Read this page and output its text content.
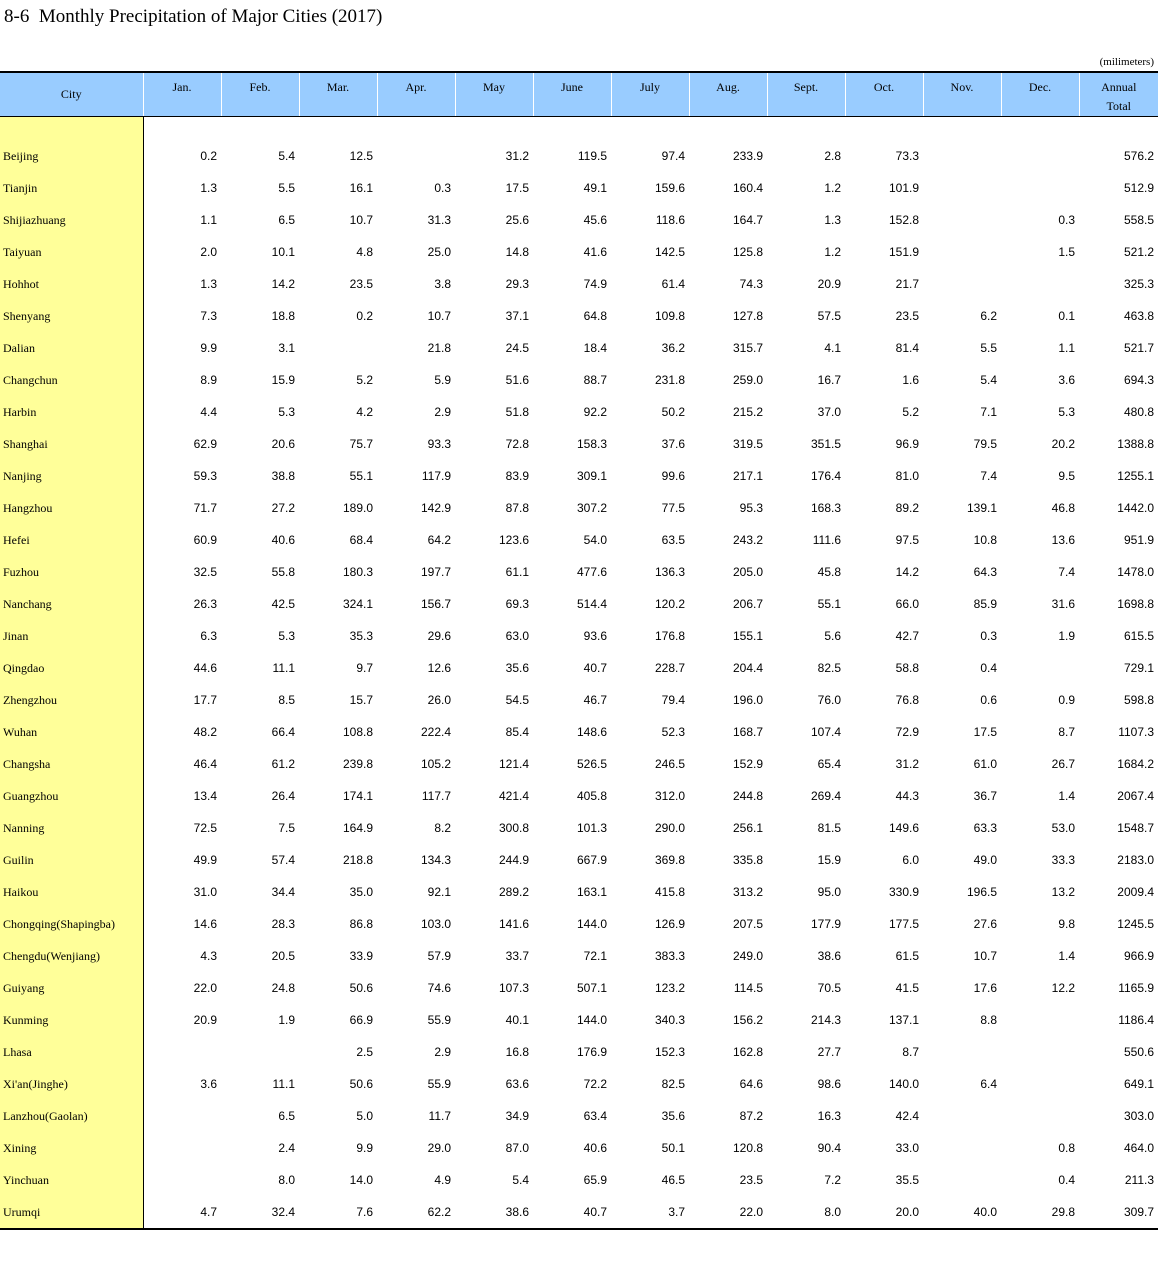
8-6  Monthly Precipitation of Major Cities (2017)
(milimeters)
City	Jan.	Feb.	Mar.	Apr.	May	June	July	Aug.	Sept.	Oct.	Nov.	Dec.	Annual
Total

Beijing	0.2	5.4	12.5		31.2	119.5	97.4	233.9	2.8	73.3			576.2
Tianjin	1.3	5.5	16.1	0.3	17.5	49.1	159.6	160.4	1.2	101.9			512.9
Shijiazhuang	1.1	6.5	10.7	31.3	25.6	45.6	118.6	164.7	1.3	152.8		0.3	558.5
Taiyuan	2.0	10.1	4.8	25.0	14.8	41.6	142.5	125.8	1.2	151.9		1.5	521.2
Hohhot	1.3	14.2	23.5	3.8	29.3	74.9	61.4	74.3	20.9	21.7			325.3
Shenyang	7.3	18.8	0.2	10.7	37.1	64.8	109.8	127.8	57.5	23.5	6.2	0.1	463.8
Dalian	9.9	3.1		21.8	24.5	18.4	36.2	315.7	4.1	81.4	5.5	1.1	521.7
Changchun	8.9	15.9	5.2	5.9	51.6	88.7	231.8	259.0	16.7	1.6	5.4	3.6	694.3
Harbin	4.4	5.3	4.2	2.9	51.8	92.2	50.2	215.2	37.0	5.2	7.1	5.3	480.8
Shanghai	62.9	20.6	75.7	93.3	72.8	158.3	37.6	319.5	351.5	96.9	79.5	20.2	1388.8
Nanjing	59.3	38.8	55.1	117.9	83.9	309.1	99.6	217.1	176.4	81.0	7.4	9.5	1255.1
Hangzhou	71.7	27.2	189.0	142.9	87.8	307.2	77.5	95.3	168.3	89.2	139.1	46.8	1442.0
Hefei	60.9	40.6	68.4	64.2	123.6	54.0	63.5	243.2	111.6	97.5	10.8	13.6	951.9
Fuzhou	32.5	55.8	180.3	197.7	61.1	477.6	136.3	205.0	45.8	14.2	64.3	7.4	1478.0
Nanchang	26.3	42.5	324.1	156.7	69.3	514.4	120.2	206.7	55.1	66.0	85.9	31.6	1698.8
Jinan	6.3	5.3	35.3	29.6	63.0	93.6	176.8	155.1	5.6	42.7	0.3	1.9	615.5
Qingdao	44.6	11.1	9.7	12.6	35.6	40.7	228.7	204.4	82.5	58.8	0.4		729.1
Zhengzhou	17.7	8.5	15.7	26.0	54.5	46.7	79.4	196.0	76.0	76.8	0.6	0.9	598.8
Wuhan	48.2	66.4	108.8	222.4	85.4	148.6	52.3	168.7	107.4	72.9	17.5	8.7	1107.3
Changsha	46.4	61.2	239.8	105.2	121.4	526.5	246.5	152.9	65.4	31.2	61.0	26.7	1684.2
Guangzhou	13.4	26.4	174.1	117.7	421.4	405.8	312.0	244.8	269.4	44.3	36.7	1.4	2067.4
Nanning	72.5	7.5	164.9	8.2	300.8	101.3	290.0	256.1	81.5	149.6	63.3	53.0	1548.7
Guilin	49.9	57.4	218.8	134.3	244.9	667.9	369.8	335.8	15.9	6.0	49.0	33.3	2183.0
Haikou	31.0	34.4	35.0	92.1	289.2	163.1	415.8	313.2	95.0	330.9	196.5	13.2	2009.4
Chongqing(Shapingba)	14.6	28.3	86.8	103.0	141.6	144.0	126.9	207.5	177.9	177.5	27.6	9.8	1245.5
Chengdu(Wenjiang)	4.3	20.5	33.9	57.9	33.7	72.1	383.3	249.0	38.6	61.5	10.7	1.4	966.9
Guiyang	22.0	24.8	50.6	74.6	107.3	507.1	123.2	114.5	70.5	41.5	17.6	12.2	1165.9
Kunming	20.9	1.9	66.9	55.9	40.1	144.0	340.3	156.2	214.3	137.1	8.8		1186.4
Lhasa			2.5	2.9	16.8	176.9	152.3	162.8	27.7	8.7			550.6
Xi'an(Jinghe)	3.6	11.1	50.6	55.9	63.6	72.2	82.5	64.6	98.6	140.0	6.4		649.1
Lanzhou(Gaolan)		6.5	5.0	11.7	34.9	63.4	35.6	87.2	16.3	42.4			303.0
Xining		2.4	9.9	29.0	87.0	40.6	50.1	120.8	90.4	33.0		0.8	464.0
Yinchuan		8.0	14.0	4.9	5.4	65.9	46.5	23.5	7.2	35.5		0.4	211.3
Urumqi	4.7	32.4	7.6	62.2	38.6	40.7	3.7	22.0	8.0	20.0	40.0	29.8	309.7
